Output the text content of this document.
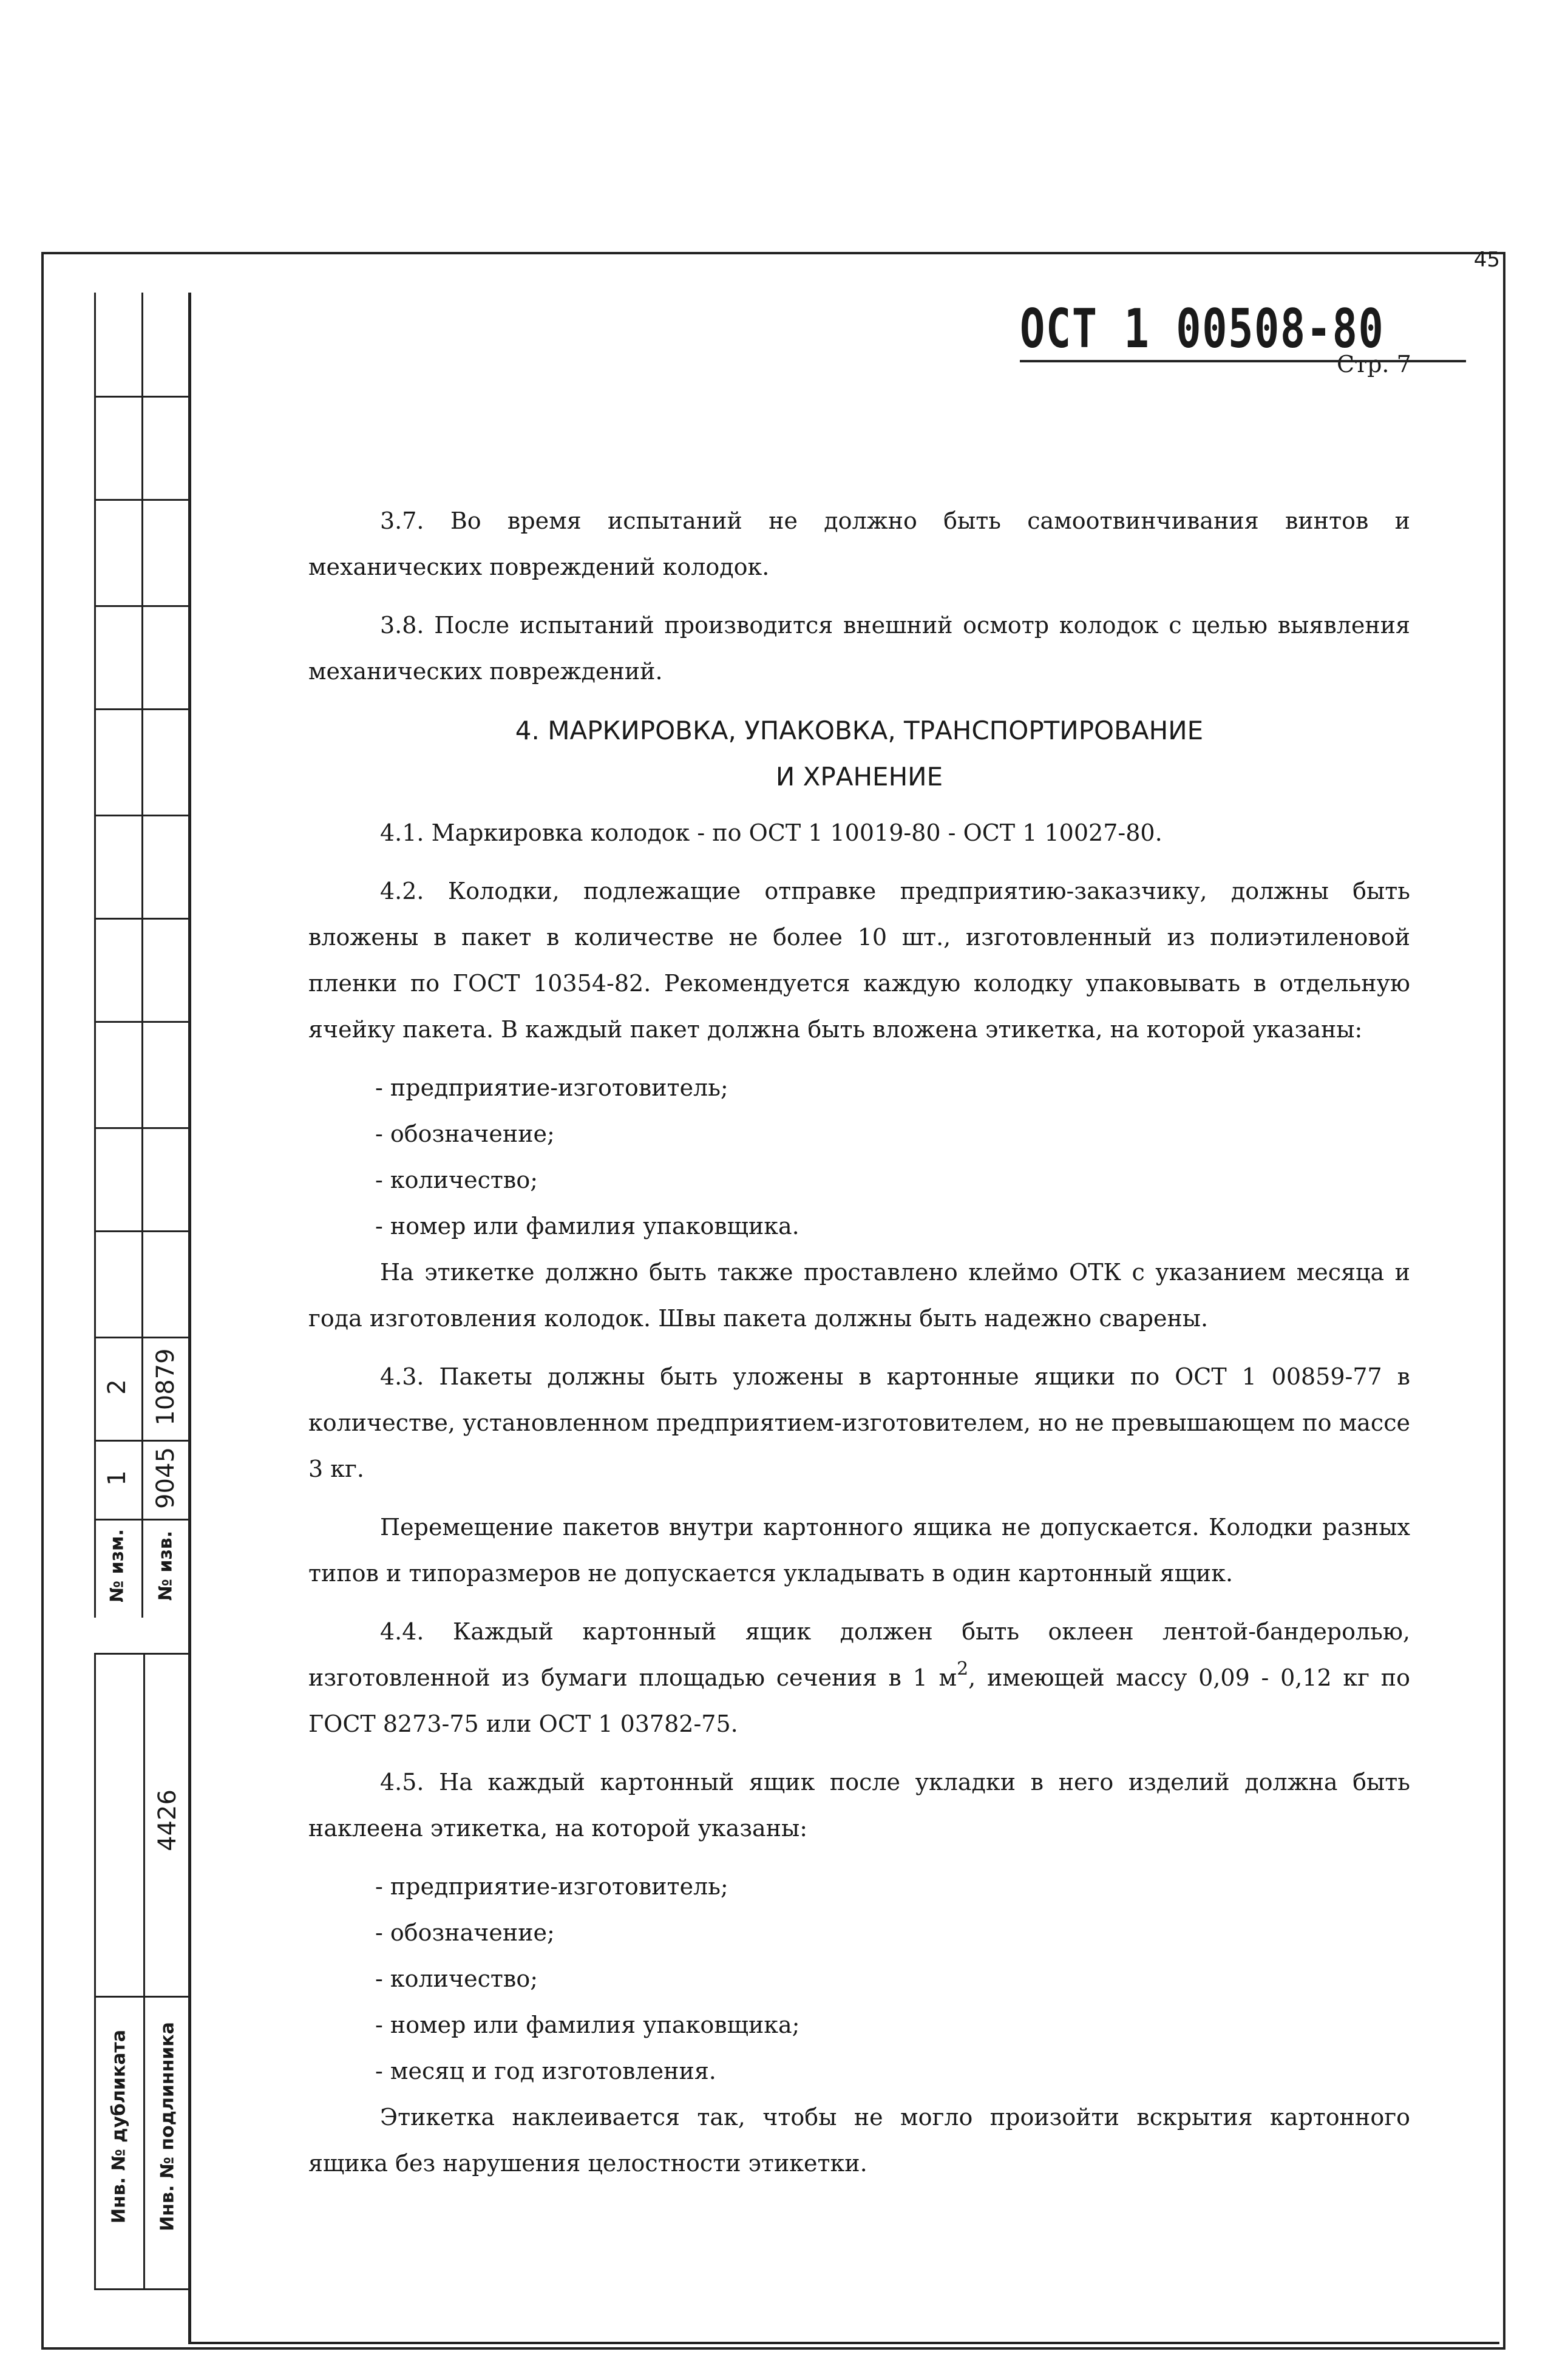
45
ОСТ 1 00508-80
Стр. 7
2 10879
1 9045
№ изм. № изв.
4426
Инв. № дубликата Инв. № подлинника

3.7. Во время испытаний не должно быть самоотвинчивания винтов и механических повреждений колодок.

3.8. После испытаний производится внешний осмотр колодок с целью выявления механических повреждений.

4. МАРКИРОВКА, УПАКОВКА, ТРАНСПОРТИРОВАНИЕ
И ХРАНЕНИЕ

4.1. Маркировка колодок - по ОСТ 1 10019-80 - ОСТ 1 10027-80.

4.2. Колодки, подлежащие отправке предприятию-заказчику, должны быть вложены в пакет в количестве не более 10 шт., изготовленный из полиэтиленовой пленки по ГОСТ 10354-82. Рекомендуется каждую колодку упаковывать в отдельную ячейку пакета. В каждый пакет должна быть вложена этикетка, на которой указаны:

- предприятие-изготовитель;

- обозначение;

- количество;

- номер или фамилия упаковщика.

На этикетке должно быть также проставлено клеймо ОТК с указанием месяца и года изготовления колодок. Швы пакета должны быть надежно сварены.

4.3. Пакеты должны быть уложены в картонные ящики по ОСТ 1 00859-77 в количестве, установленном предприятием-изготовителем, но не превышающем по массе 3 кг.

Перемещение пакетов внутри картонного ящика не допускается. Колодки разных типов и типоразмеров не допускается укладывать в один картонный ящик.

4.4. Каждый картонный ящик должен быть оклеен лентой-бандеролью, изготовленной из бумаги площадью сечения в 1 $м^2$, имеющей массу 0,09 - 0,12 кг по ГОСТ 8273-75 или ОСТ 1 03782-75.

4.5. На каждый картонный ящик после укладки в него изделий должна быть наклеена этикетка, на которой указаны:

- предприятие-изготовитель;

- обозначение;

- количество;

- номер или фамилия упаковщика;

- месяц и год изготовления.

Этикетка наклеивается так, чтобы не могло произойти вскрытия картонного ящика без нарушения целостности этикетки.
